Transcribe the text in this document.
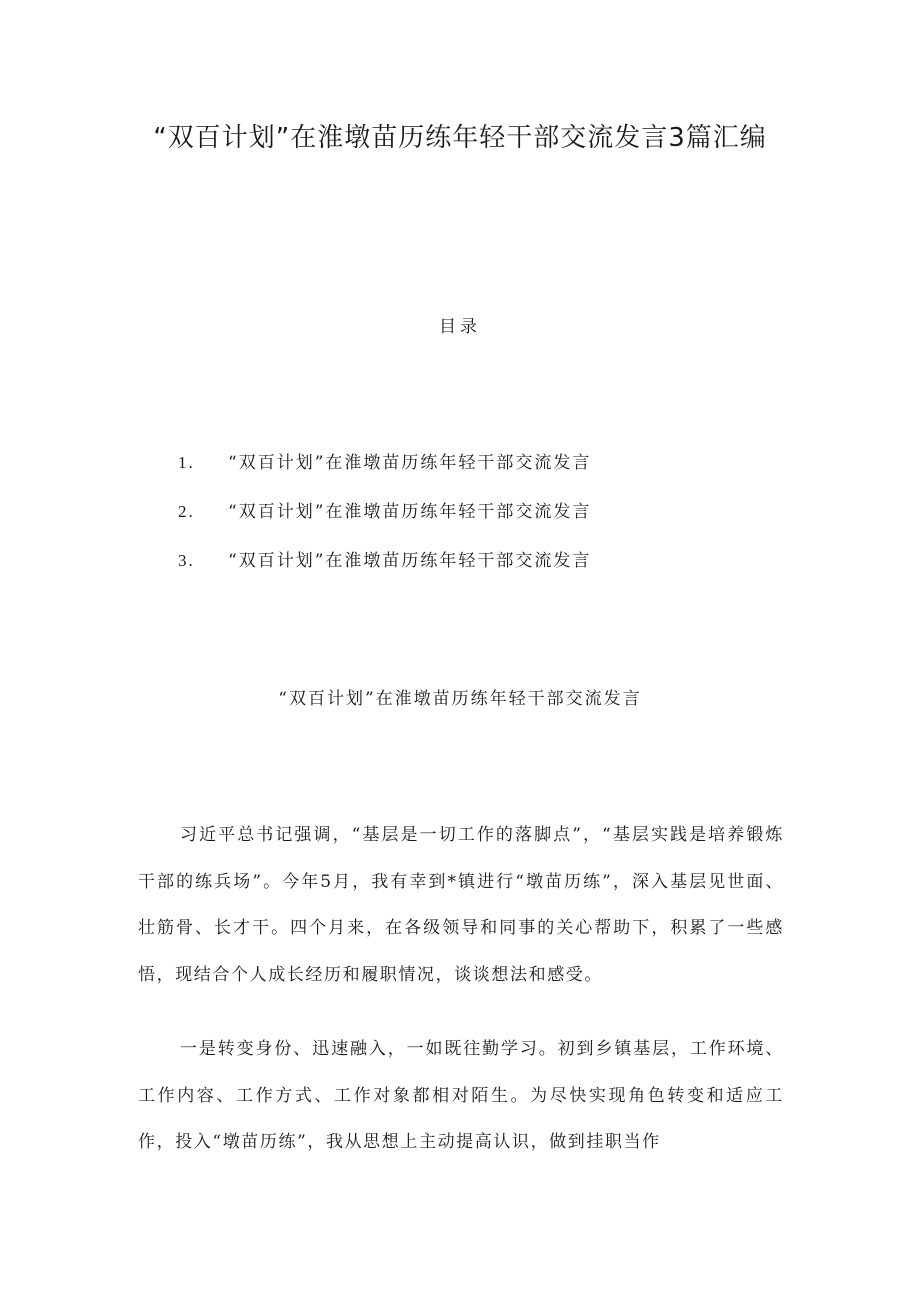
“双百计划”在淮墩苗历练年轻干部交流发言3篇汇编
目录
1. “双百计划”在淮墩苗历练年轻干部交流发言
2. “双百计划”在淮墩苗历练年轻干部交流发言
3. “双百计划”在淮墩苗历练年轻干部交流发言
“双百计划”在淮墩苗历练年轻干部交流发言

习近平总书记强调，“基层是一切工作的落脚点”，“基层实践是培养锻炼干部的练兵场”。今年5月，我有幸到*镇进行“墩苗历练”，深入基层见世面、壮筋骨、长才干。四个月来，在各级领导和同事的关心帮助下，积累了一些感悟，现结合个人成长经历和履职情况，谈谈想法和感受。

一是转变身份、迅速融入，一如既往勤学习。初到乡镇基层，工作环境、工作内容、工作方式、工作对象都相对陌生。为尽快实现角色转变和适应工作，投入“墩苗历练”，我从思想上主动提高认识，做到挂职当作
